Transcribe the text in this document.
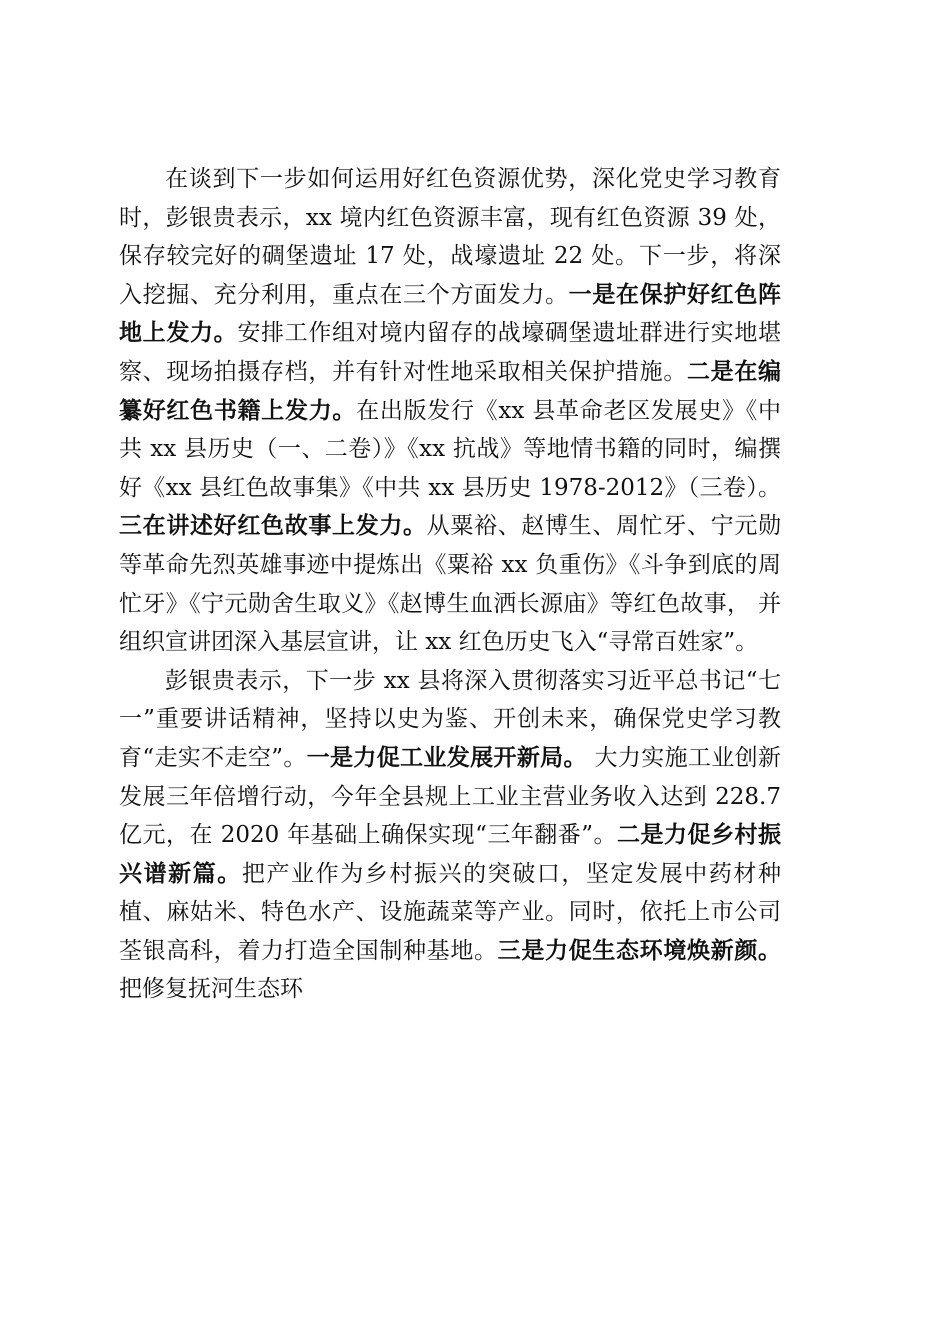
在谈到下一步如何运用好红色资源优势，深化党史学习教育时，彭银贵表示，xx 境内红色资源丰富，现有红色资源 39 处，保存较完好的碉堡遗址 17 处，战壕遗址 22 处。下一步，将深入挖掘、充分利用，重点在三个方面发力。一是在保护好红色阵地上发力。安排工作组对境内留存的战壕碉堡遗址群进行实地堪察、现场拍摄存档，并有针对性地采取相关保护措施。二是在编纂好红色书籍上发力。在出版发行《xx 县革命老区发展史》《中共 xx 县历史（一、二卷）》《xx 抗战》等地情书籍的同时，编撰好《xx 县红色故事集》《中共 xx 县历史 1978-2012》（三卷）。三在讲述好红色故事上发力。从粟裕、赵博生、周忙牙、宁元勋等革命先烈英雄事迹中提炼出《粟裕 xx 负重伤》《斗争到底的周忙牙》《宁元勋舍生取义》《赵博生血洒长源庙》等红色故事， 并组织宣讲团深入基层宣讲，让 xx 红色历史飞入“寻常百姓家”。

彭银贵表示，下一步 xx 县将深入贯彻落实习近平总书记“七一”重要讲话精神，坚持以史为鉴、开创未来，确保党史学习教育“走实不走空”。一是力促工业发展开新局。 大力实施工业创新发展三年倍增行动，今年全县规上工业主营业务收入达到 228.7 亿元，在 2020 年基础上确保实现“三年翻番”。二是力促乡村振兴谱新篇。把产业作为乡村振兴的突破口，坚定发展中药材种植、麻姑米、特色水产、设施蔬菜等产业。同时，依托上市公司荃银高科，着力打造全国制种基地。三是力促生态环境焕新颜。把修复抚河生态环
